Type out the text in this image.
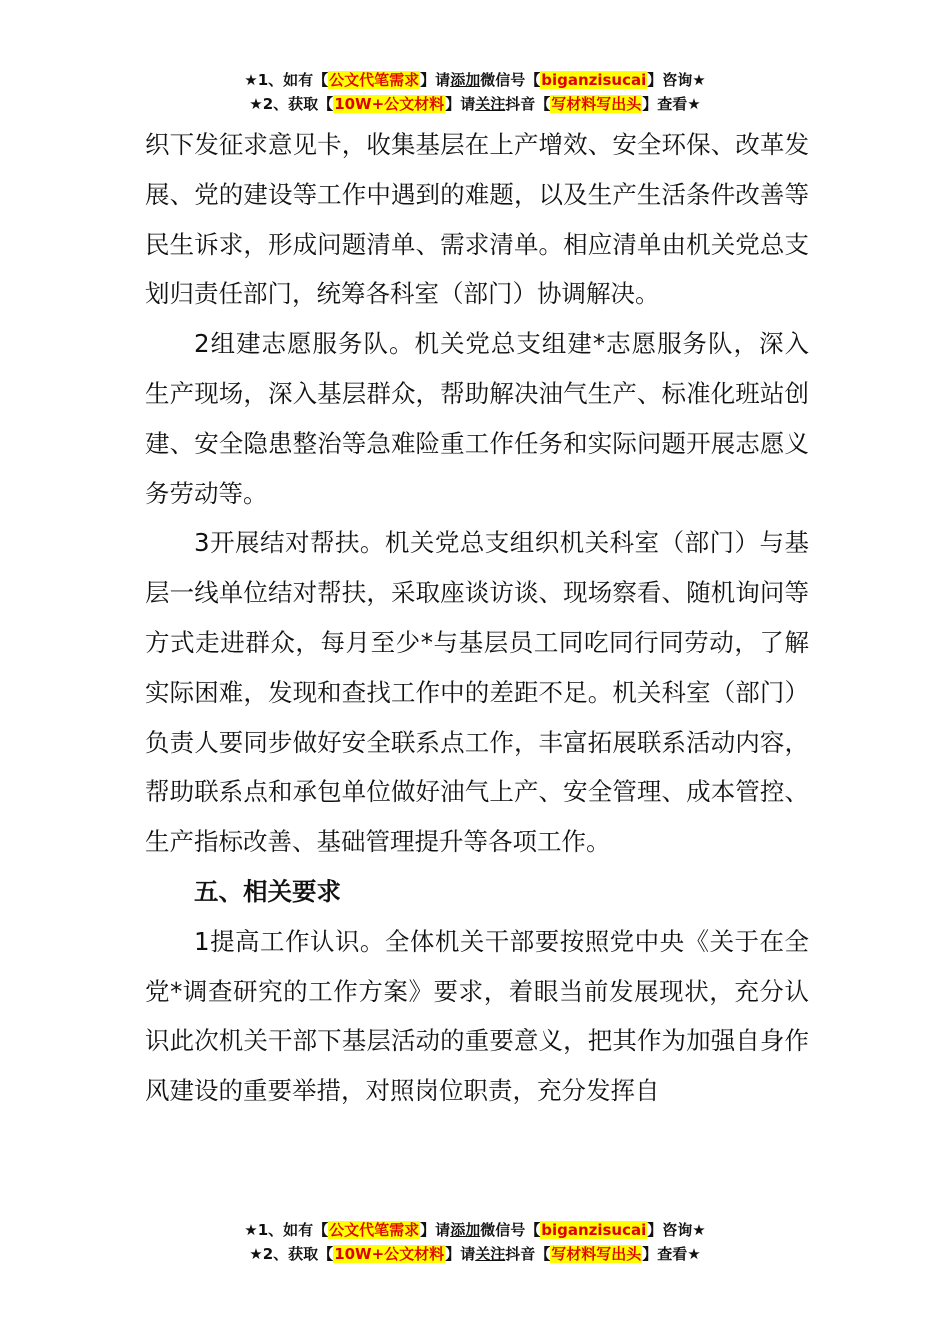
★1、如有【公文代笔需求】请添加微信号【biganzisucai】咨询★
★2、获取【10W+公文材料】请关注抖音【写材料写出头】查看★

织下发征求意见卡，收集基层在上产增效、安全环保、改革发展、党的建设等工作中遇到的难题，以及生产生活条件改善等民生诉求，形成问题清单、需求清单。相应清单由机关党总支划归责任部门，统筹各科室（部门）协调解决。

2组建志愿服务队。机关党总支组建*志愿服务队，深入生产现场，深入基层群众，帮助解决油气生产、标准化班站创建、安全隐患整治等急难险重工作任务和实际问题开展志愿义务劳动等。

3开展结对帮扶。机关党总支组织机关科室（部门）与基层一线单位结对帮扶，采取座谈访谈、现场察看、随机询问等方式走进群众，每月至少*与基层员工同吃同行同劳动，了解实际困难，发现和查找工作中的差距不足。机关科室（部门）负责人要同步做好安全联系点工作，丰富拓展联系活动内容，帮助联系点和承包单位做好油气上产、安全管理、成本管控、生产指标改善、基础管理提升等各项工作。

五、相关要求

1提高工作认识。全体机关干部要按照党中央《关于在全党*调查研究的工作方案》要求，着眼当前发展现状，充分认识此次机关干部下基层活动的重要意义，把其作为加强自身作风建设的重要举措，对照岗位职责，充分发挥自

★1、如有【公文代笔需求】请添加微信号【biganzisucai】咨询★
★2、获取【10W+公文材料】请关注抖音【写材料写出头】查看★
